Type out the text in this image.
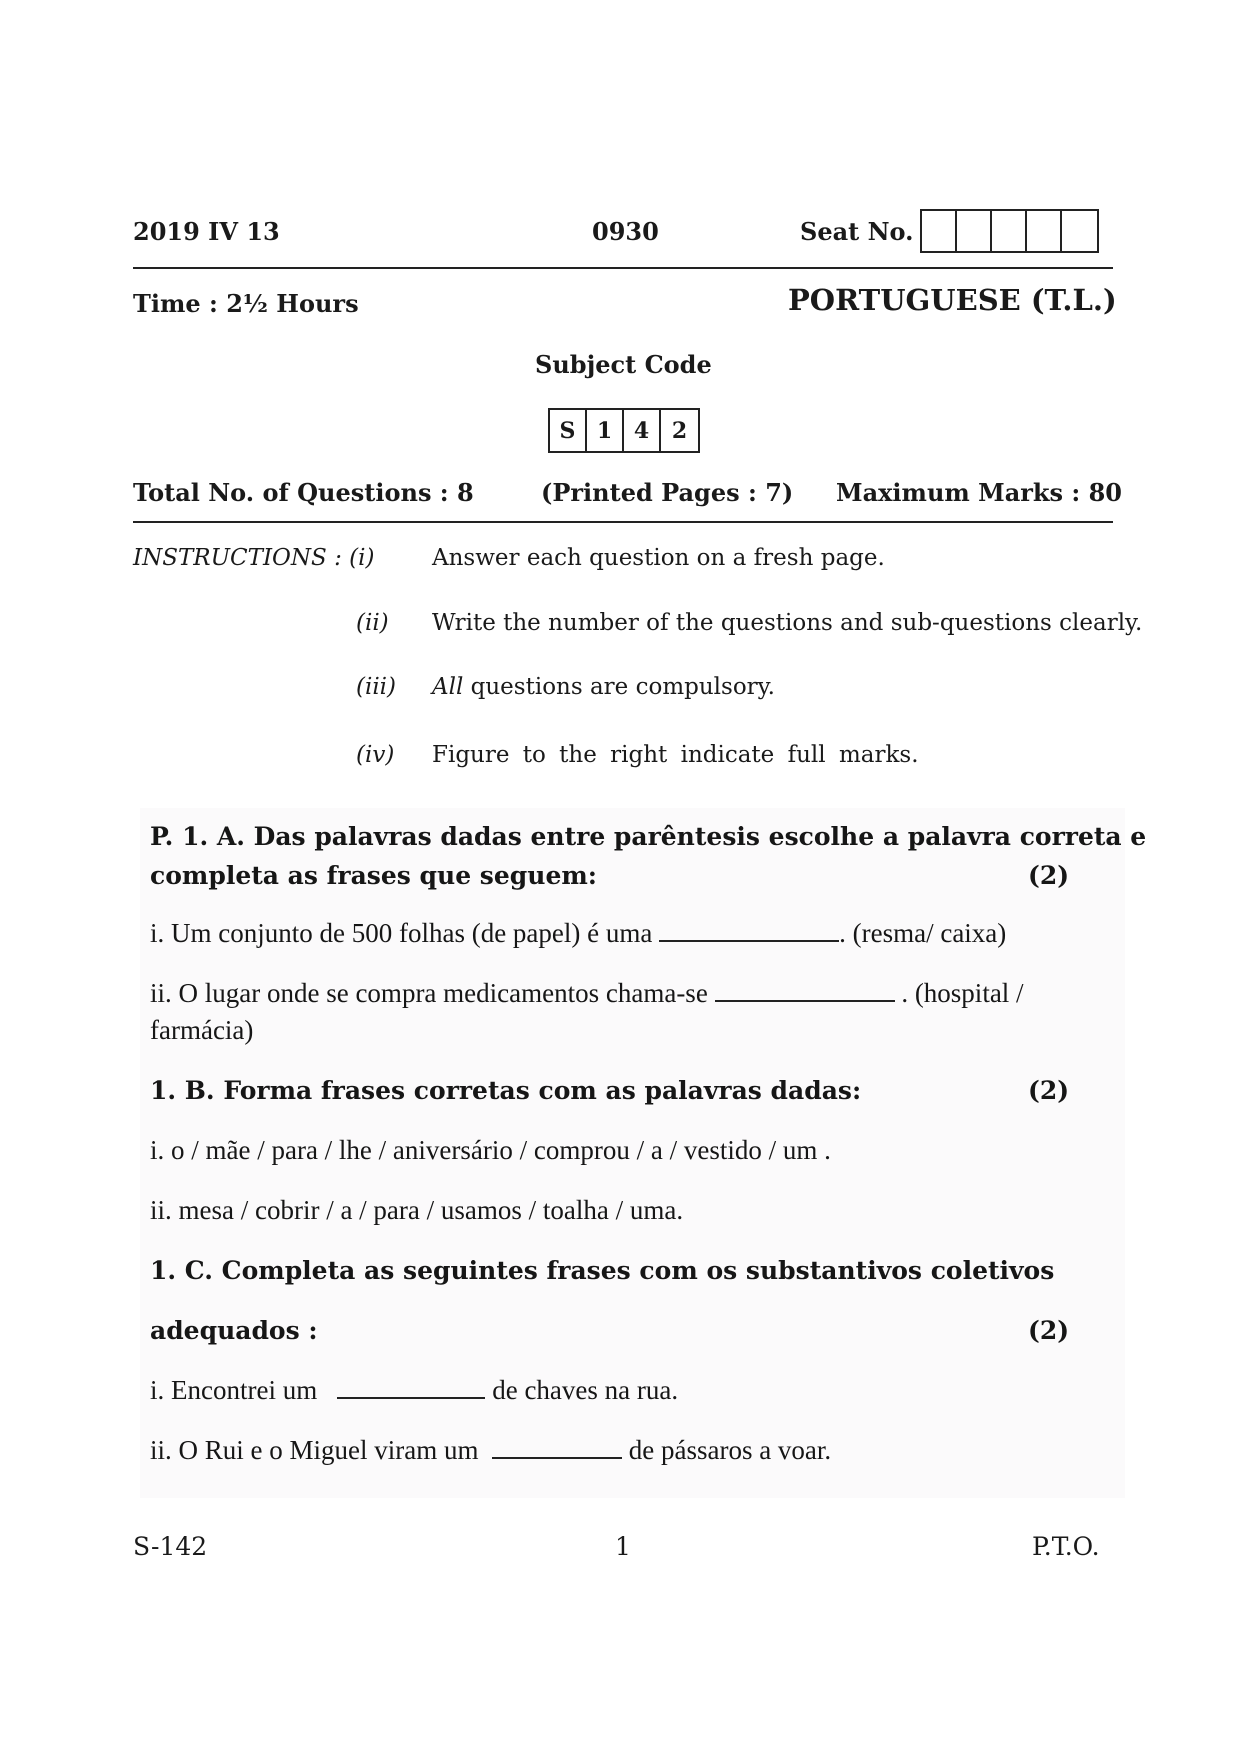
2019 IV 13	0930	Seat No.
Time : 2½ Hours	PORTUGUESE (T.L.)
Subject Code
S 1 4	2
Total No. of Questions : 8	(Printed Pages : 7) Maximum Marks : 80
INSTRUCTIONS : (i)	Answer each question on a fresh page.
(ii) Write the number of the questions and sub-questions clearly.
(iii) All questions are compulsory.
(iv) Figure to the right indicate full marks.
P. 1. A. Das palavras dadas entre parêntesis escolhe a palavra correta e
completa as frases que seguem:	(2)
i. Um conjunto de 500 folhas (de papel) é uma	. (resma/ caixa)
ii. O lugar onde se compra medicamentos chama-se	. (hospital /
farmácia)
1. B. Forma frases corretas com as palavras dadas:	(2)
i. o / mãe / para / lhe / aniversário / comprou / a / vestido / um .
ii. mesa / cobrir / a / para / usamos / toalha / uma.
1. C. Completa as seguintes frases com os substantivos coletivos
adequados :	(2)
i. Encontrei um	de chaves na rua.
ii. O Rui e o Miguel viram um	de pássaros a voar.
S-142	1	P.T.O.
